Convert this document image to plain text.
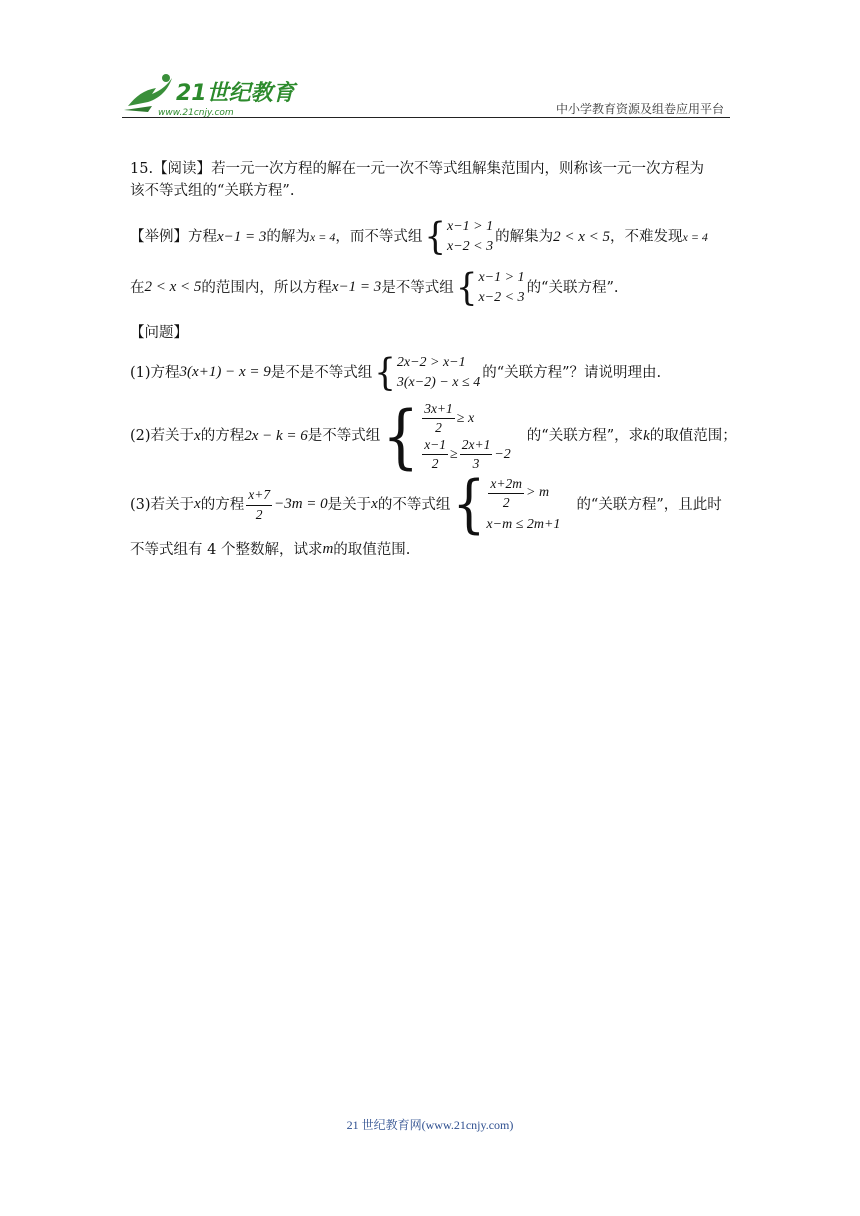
21世纪教育
www.21cnjy.com	中小学教育资源及组卷应用平台
15.【阅读】若一元一次方程的解在一元一次不等式组解集范围内，则称该一元一次方程为
该不等式组的“关联方程”.
【举例】 方程 x−1 = 3 的解为 x = 4 ，而不等式组 { x−1 > 1
x−2 < 3
的解集为 2 < x < 5 ，不难发现 x = 4
在 2 < x < 5 的范围内，所以方程 x−1 = 3 是不等式组 { x−1 > 1
x−2 < 3
的“关联方程”.
【问题】
(1)方程 3(x+1) − x = 9 是不是不等式组 { 2x−2 > x−1
3(x−2) − x ≤ 4
的“关联方程”？请说明理由.
(2)若关于 x 的方程 2x − k = 6 是不等式组 { $\frac{3x+1}{2} \ge x$
$\frac{x-1}{2} \ge \frac{2x+1}{3} -2$
的“关联方程”，求 k 的取值范围；
(3)若关于 x 的方程 $\frac{x+7}{2} -3m = 0$ 是关于 x 的不等式组 { $\frac{x+2m}{2} > m$
x−m ≤ 2m+1
的“关联方程”，且此时
不等式组有 4 个整数解，试求 m 的取值范围.
21 世纪教育网(www.21cnjy.com)
